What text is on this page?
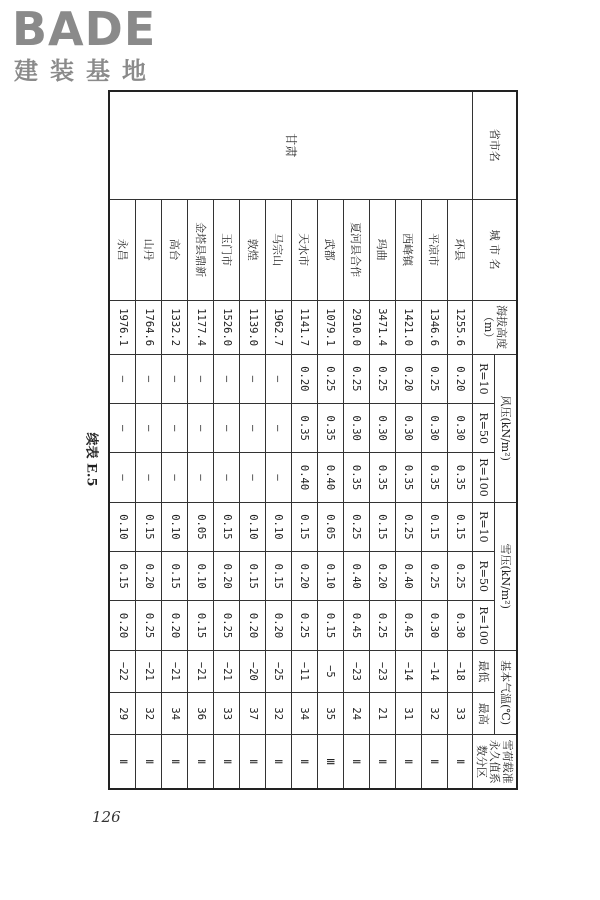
BADE
建装基地
续表 E.5
省市名	城 市 名	海拔高度（m）	风压(kN/m²)			雪压(kN/m²)			基本气温(℃)		雪荷载准永久值系数分区
			R=10	R=50	R=100	R=10	R=50	R=100	最低	最高	
甘肃	环县	1255.6	0.20	0.30	0.35	0.15	0.25	0.30	−18	33	Ⅱ
	平凉市	1346.6	0.25	0.30	0.35	0.15	0.25	0.30	−14	32	Ⅱ
	西峰镇	1421.0	0.20	0.30	0.35	0.25	0.40	0.45	−14	31	Ⅱ
	玛曲	3471.4	0.25	0.30	0.35	0.15	0.20	0.25	−23	21	Ⅱ
	夏河县合作	2910.0	0.25	0.30	0.35	0.25	0.40	0.45	−23	24	Ⅱ
	武都	1079.1	0.25	0.35	0.40	0.05	0.10	0.15	−5	35	Ⅲ
	天水市	1141.7	0.20	0.35	0.40	0.15	0.20	0.25	−11	34	Ⅱ
	马宗山	1962.7	—	—	—	0.10	0.15	0.20	−25	32	Ⅱ
	敦煌	1139.0	—	—	—	0.10	0.15	0.20	−20	37	Ⅱ
	玉门市	1526.0	—	—	—	0.15	0.20	0.25	−21	33	Ⅱ
	金塔县鼎新	1177.4	—	—	—	0.05	0.10	0.15	−21	36	Ⅱ
	高台	1332.2	—	—	—	0.10	0.15	0.20	−21	34	Ⅱ
	山丹	1764.6	—	—	—	0.15	0.20	0.25	−21	32	Ⅱ
	永昌	1976.1	—	—	—	0.10	0.15	0.20	−22	29	Ⅱ
126
